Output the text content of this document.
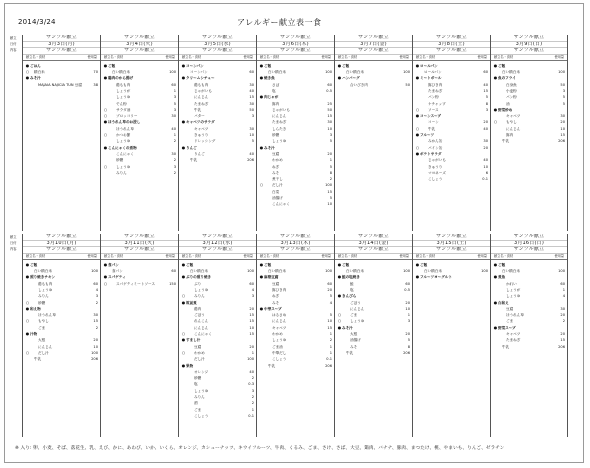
2014/3/24	アレルギー献立表一食
献立
日付
内容
サンプル献立
3月3日(月)
サンプル献立
献立名・食材	使用量
● ごはん
○	精白米	70
● みそ汁
MAJAIA NAJICIA TUN 豆腐	38
サンプル献立
3月4日(火)
サンプル献立
献立名・食材	使用量
● ご飯
白い精白米	100
● 鶏肉のから揚げ
鶏もも肉	60
しょうが	1
しょうゆ	3
でん粉	5
○	サラダ油	3
○	ブロッコリー	30
● ほうれん草のお浸し
ほうれん草	40
○	かつお節	1
しょうゆ	2
● こんにゃくの煮物
こんにゃく	30
砂糖	2
○	しょうゆ	3
みりん	2
サンプル献立
3月5日(水)
サンプル献立
献立名・食材	使用量
● コーンパン
コーンパン	60
● クリームシチュー
鶏もも肉	30
じゃがいも	40
にんじん	15
たまねぎ	30
牛乳	50
バター	3
● キャベツのサラダ
キャベツ	30
きゅうり	10
ドレッシング	5
● りんご
りんご	40
牛乳	206
サンプル献立
3月6日(木)
サンプル献立
献立名・食材	使用量
● ご飯
白い精白米	100
● 焼き魚
さば	60
塩	0.5
● 肉じゃが
豚肉	25
じゃがいも	50
にんじん	15
たまねぎ	30
しらたき	10
砂糖	3
しょうゆ	5
● みそ汁
豆腐	20
わかめ	1
ねぎ	5
みそ	8
煮干し	2
○	だし汁	100
白菜	15
油揚げ	5
こんにゃく	10
サンプル献立
3月7日(金)
サンプル献立
献立名・食材	使用量
● ご飯
白い精白米	100
● ハンバーグ
合いびき肉	50
サンプル献立
3月8日(土)
サンプル献立
献立名・食材	使用量
● ロールパン
ロールパン	60
● ミートボール
豚ひき肉	40
たまねぎ	15
パン粉	5
ケチャップ	8
○	ソース	3
● コーンスープ
コーン	20
○	牛乳	40
● フルーツ
みかん缶	30
○	パイン缶	20
● ポテトサラダ
じゃがいも	40
きゅうり	10
マヨネーズ	6
こしょう	0.1
サンプル献立
3月9日(日)
サンプル献立
献立名・食材	使用量
● ご飯
白い精白米	100
● 魚のフライ
白身魚	50
小麦粉	3
パン粉	5
油	5
● 野菜炒め
キャベツ	30
○	もやし	20
にんじん	10
豚肉	15
牛乳	206
献立
日付
内容
サンプル献立
3月10日(月)
サンプル献立
献立名・食材	使用量
● ご飯
白い精白米	100
● 照り焼きチキン
鶏もも肉	60
しょうゆ	4
みりん	3
○	砂糖	2
● 和え物
ほうれん草	30
○	もやし	15
ごま	2
● 汁物
大根	20
にんじん	10
○	だし汁	100
牛乳	206
サンプル献立
3月11日(火)
サンプル献立
献立名・食材	使用量
● 食パン
食パン	60
● スパゲティ
○	スパゲティミートソース	150
サンプル献立
3月12日(水)
サンプル献立
献立名・食材	使用量
● ご飯
白い精白米	100
● ぶりの照り焼き
ぶり	60
しょうゆ	4
○	みりん	3
● 筑前煮
鶏肉	20
ごぼう	15
れんこん	15
にんじん	10
○	こんにゃく	15
● すまし汁
豆腐	20
○	わかめ	1
だし汁	100
● 果物
オレンジ	40
砂糖	2
塩	0.3
しょうゆ	3
みりん	2
酒	2
ごま	1
こしょう	0.1
サンプル献立
3月13日(木)
サンプル献立
献立名・食材	使用量
● ご飯
白い精白米	100
● 麻婆豆腐
豆腐	60
豚ひき肉	20
ねぎ	5
みそ	4
● 中華スープ
はるさめ	5
にんじん	10
キャベツ	15
わかめ	1
しょうゆ	2
ごま油	1
中華だし	1
こしょう	0.1
牛乳	206
サンプル献立
3月14日(金)
サンプル献立
献立名・食材	使用量
● ご飯
白い精白米	100
● 鮭の塩焼き
鮭	60
塩	0.5
● きんぴら
ごぼう	20
にんじん	10
○	ごま	1
○	しょうゆ	3
● みそ汁
大根	20
油揚げ	5
みそ	8
牛乳	206
サンプル献立
3月15日(土)
サンプル献立
献立名・食材	使用量
● ご飯
白い精白米	100
● フルーツヨーグルト
サンプル献立
3月16日(日)
サンプル献立
献立名・食材	使用量
● ご飯
白い精白米	100
● 煮魚
かれい	60
しょうが	1
しょうゆ	4
● 白和え
豆腐	30
ほうれん草	20
ごま	2
● 野菜スープ
キャベツ	20
たまねぎ	15
牛乳	206
※ 入り: 卵、小麦、そば、落花生、乳、えび、かに、あわび、いか、いくら、オレンジ、カシューナッツ、キウイフルーツ、牛肉、くるみ、ごま、さけ、さば、大豆、鶏肉、バナナ、豚肉、まつたけ、桃、やまいも、りんご、ゼラチン
